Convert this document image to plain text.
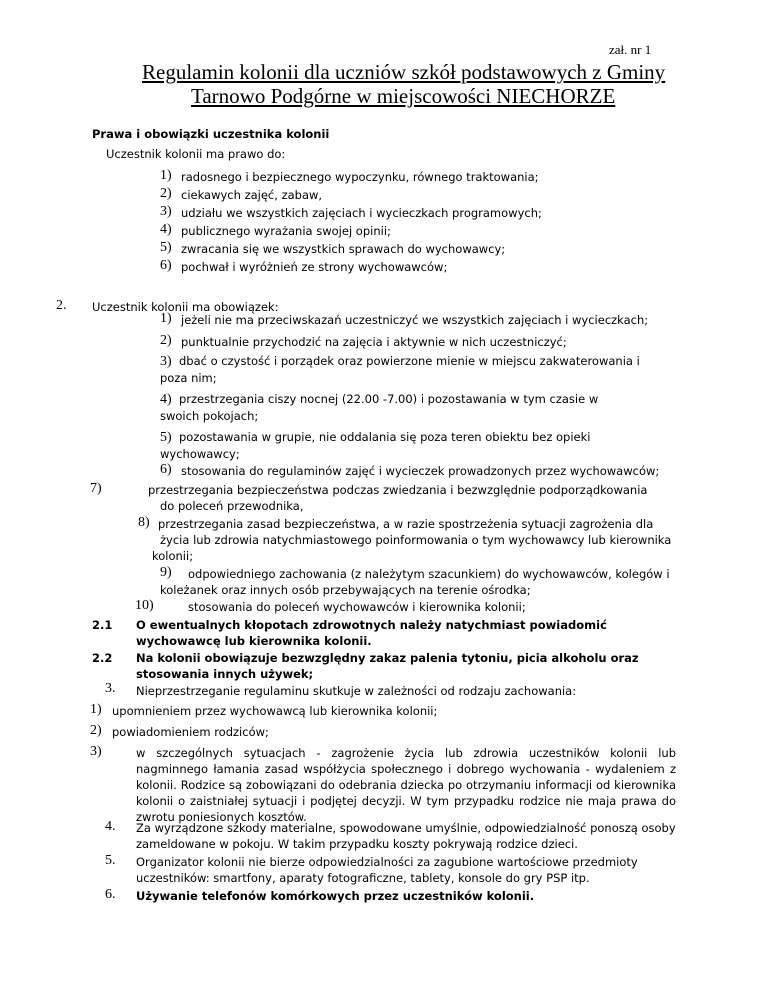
zał. nr 1
Regulamin kolonii dla uczniów szkół podstawowych z Gminy
Tarnowo Podgórne w miejscowości NIECHORZE
Prawa i obowiązki uczestnika kolonii
Uczestnik kolonii ma prawo do:
1) radosnego i bezpiecznego wypoczynku, równego traktowania;
2) ciekawych zajęć, zabaw,
3) udziału we wszystkich zajęciach i wycieczkach programowych;
4) publicznego wyrażania swojej opinii;
5) zwracania się we wszystkich sprawach do wychowawcy;
6) pochwał i wyróżnień ze strony wychowawców;
2. Uczestnik kolonii ma obowiązek:
1) jeżeli nie ma przeciwskazań uczestniczyć we wszystkich zajęciach i wycieczkach;
2) punktualnie przychodzić na zajęcia i aktywnie w nich uczestniczyć;
3) dbać o czystość i porządek oraz powierzone mienie w miejscu zakwaterowania i poza nim;
4) przestrzegania ciszy nocnej (22.00 -7.00) i pozostawania w tym czasie w swoich pokojach;
5) pozostawania w grupie, nie oddalania się poza teren obiektu bez opieki wychowawcy;
6) stosowania do regulaminów zajęć i wycieczek prowadzonych przez wychowawców;
7)	przestrzegania bezpieczeństwa podczas zwiedzania i bezwzględnie podporządkowania
do poleceń przewodnika,
8) przestrzegania zasad bezpieczeństwa, a w razie spostrzeżenia sytuacji zagrożenia dla
życia lub zdrowia natychmiastowego poinformowania o tym wychowawcy lub kierownika
kolonii;
9) odpowiedniego zachowania (z należytym szacunkiem) do wychowawców, kolegów i
koleżanek oraz innych osób przebywających na terenie ośrodka;
10)	stosowania do poleceń wychowawców i kierownika kolonii;
2.1 O ewentualnych kłopotach zdrowotnych należy natychmiast powiadomić wychowawcę lub kierownika kolonii.
2.2 Na kolonii obowiązuje bezwzględny zakaz palenia tytoniu, picia alkoholu oraz stosowania innych używek;
3. Nieprzestrzeganie regulaminu skutkuje w zależności od rodzaju zachowania:
1) upomnieniem przez wychowawcą lub kierownika kolonii;
2) powiadomieniem rodziców;
3)	w szczególnych sytuacjach - zagrożenie życia lub zdrowia uczestników kolonii lub nagminnego łamania zasad współżycia społecznego i dobrego wychowania - wydaleniem z kolonii. Rodzice są zobowiązani do odebrania dziecka po otrzymaniu informacji od kierownika kolonii o zaistniałej sytuacji i podjętej decyzji. W tym przypadku rodzice nie maja prawa do zwrotu poniesionych kosztów.
4. Za wyrządzone szkody materialne, spowodowane umyślnie, odpowiedzialność ponoszą osoby zameldowane w pokoju. W takim przypadku koszty pokrywają rodzice dzieci.
5. Organizator kolonii nie bierze odpowiedzialności za zagubione wartościowe przedmioty uczestników: smartfony, aparaty fotograficzne, tablety, konsole do gry PSP itp.
6. Używanie telefonów komórkowych przez uczestników kolonii.
